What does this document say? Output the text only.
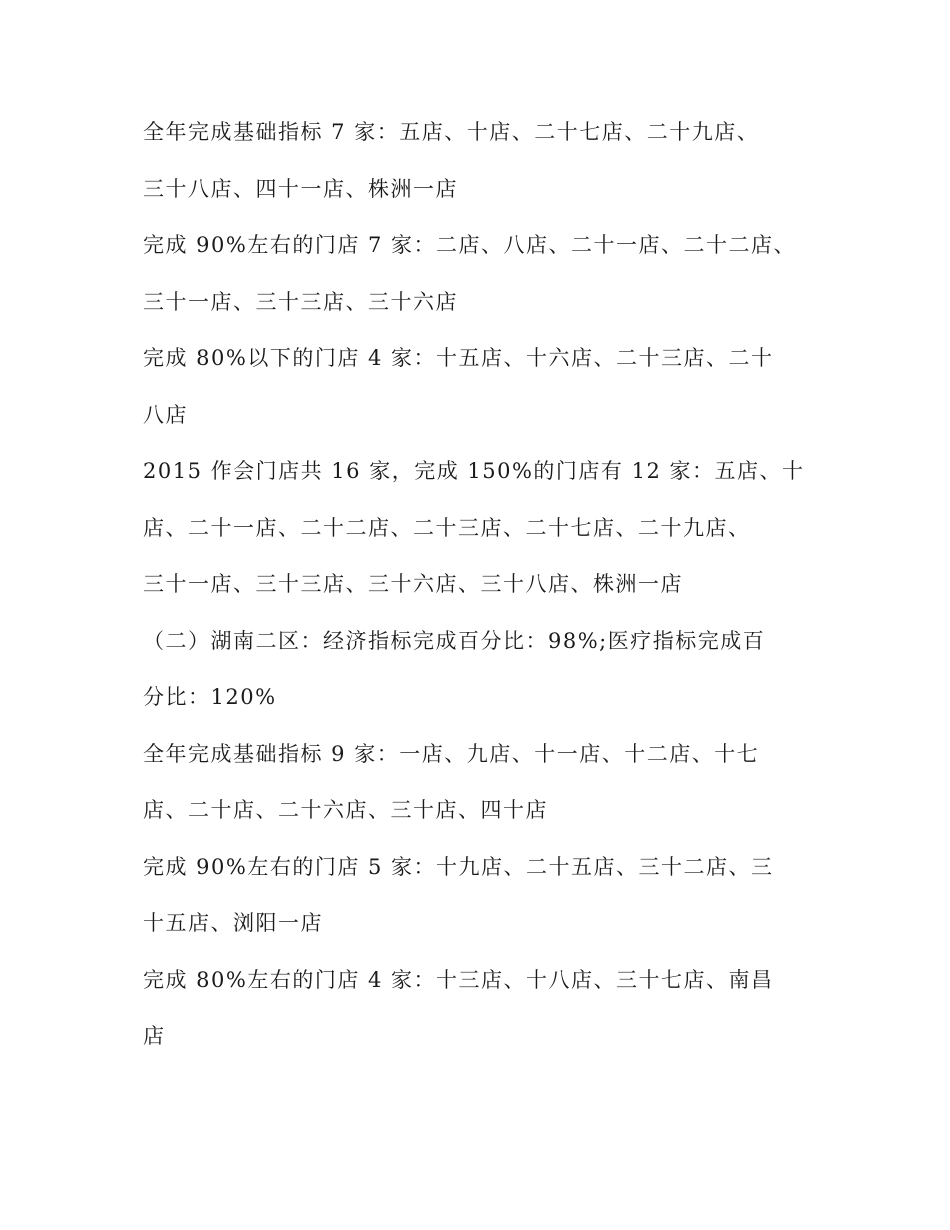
全年完成基础指标 7 家：五店、十店、二十七店、二十九店、
三十八店、四十一店、株洲一店
完成 90%左右的门店 7 家：二店、八店、二十一店、二十二店、
三十一店、三十三店、三十六店
完成 80%以下的门店 4 家：十五店、十六店、二十三店、二十
八店
2015 作会门店共 16 家，完成 150%的门店有 12 家：五店、十
店、二十一店、二十二店、二十三店、二十七店、二十九店、
三十一店、三十三店、三十六店、三十八店、株洲一店
（二）湖南二区：经济指标完成百分比：98%;医疗指标完成百
分比：120%
全年完成基础指标 9 家：一店、九店、十一店、十二店、十七
店、二十店、二十六店、三十店、四十店
完成 90%左右的门店 5 家：十九店、二十五店、三十二店、三
十五店、浏阳一店
完成 80%左右的门店 4 家：十三店、十八店、三十七店、南昌
店
